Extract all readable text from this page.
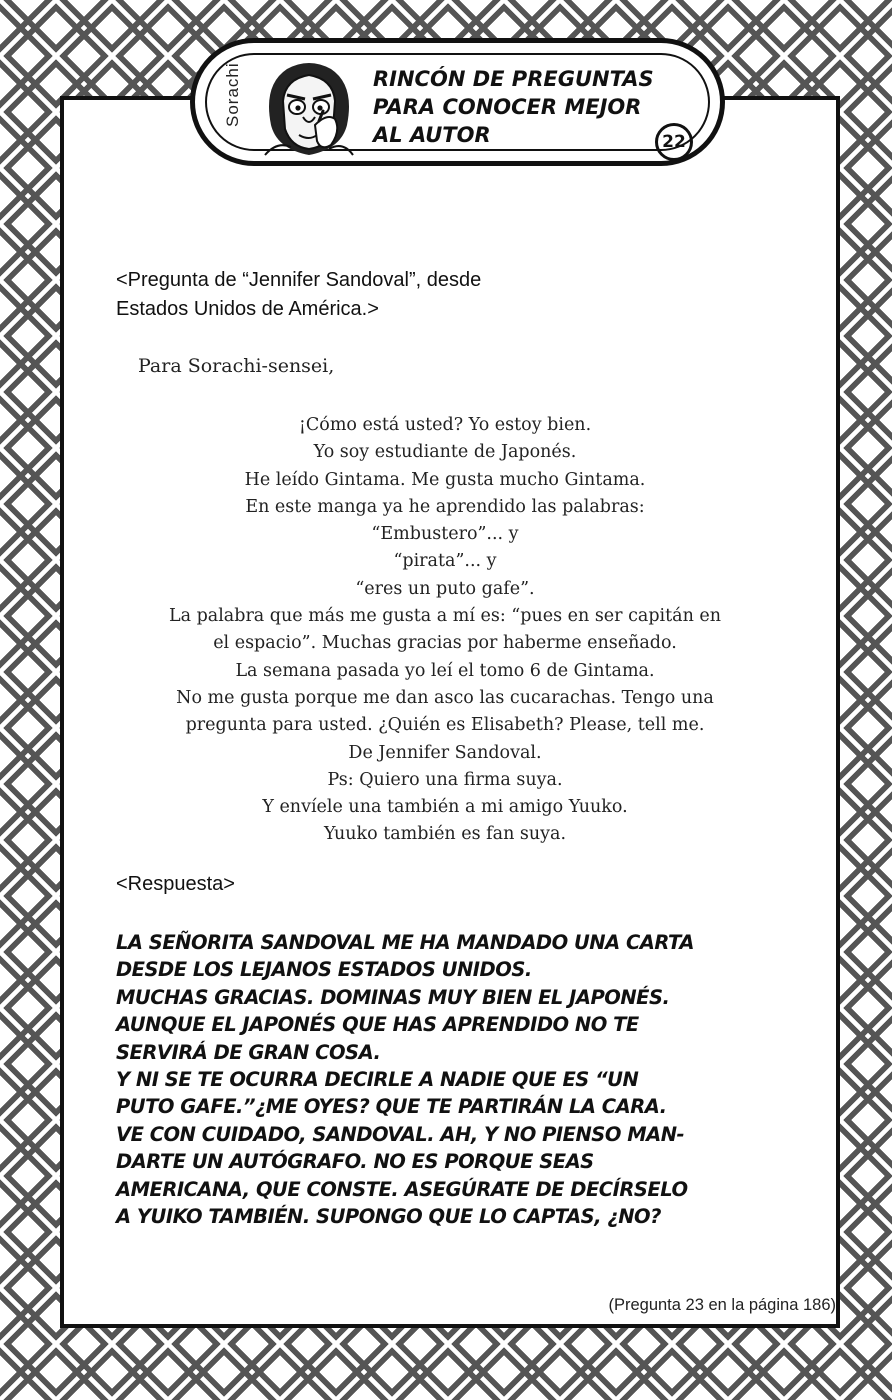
Sorachi	RINCÓN DE PREGUNTAS
PARA CONOCER MEJOR
AL AUTOR	22
<Pregunta de “Jennifer Sandoval”, desde
Estados Unidos de América.>
Para Sorachi-sensei,
¡Cómo está usted? Yo estoy bien.
Yo soy estudiante de Japonés.
He leído Gintama. Me gusta mucho Gintama.
En este manga ya he aprendido las palabras:
“Embustero”... y
“pirata”... y
“eres un puto gafe”.
La palabra que más me gusta a mí es: “pues en ser capitán en
el espacio”. Muchas gracias por haberme enseñado.
La semana pasada yo leí el tomo 6 de Gintama.
No me gusta porque me dan asco las cucarachas. Tengo una
pregunta para usted. ¿Quién es Elisabeth? Please, tell me.
De Jennifer Sandoval.
Ps: Quiero una firma suya.
Y envíele una también a mi amigo Yuuko.
Yuuko también es fan suya.
<Respuesta>
LA SEÑORITA SANDOVAL ME HA MANDADO UNA CARTA
DESDE LOS LEJANOS ESTADOS UNIDOS.
MUCHAS GRACIAS. DOMINAS MUY BIEN EL JAPONÉS.
AUNQUE EL JAPONÉS QUE HAS APRENDIDO NO TE
SERVIRÁ DE GRAN COSA.
Y NI SE TE OCURRA DECIRLE A NADIE QUE ES “UN
PUTO GAFE.”¿ME OYES? QUE TE PARTIRÁN LA CARA.
VE CON CUIDADO, SANDOVAL. AH, Y NO PIENSO MAN-
DARTE UN AUTÓGRAFO. NO ES PORQUE SEAS
AMERICANA, QUE CONSTE. ASEGÚRATE DE DECÍRSELO
A YUIKO TAMBIÉN. SUPONGO QUE LO CAPTAS, ¿NO?
(Pregunta 23 en la página 186)
